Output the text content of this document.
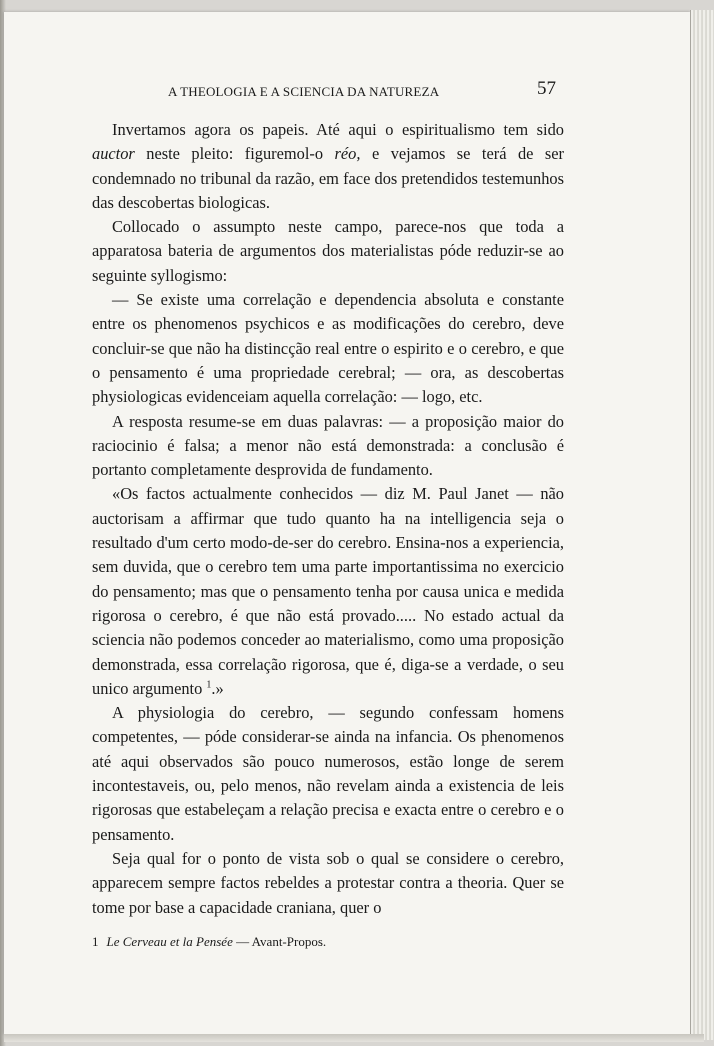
A THEOLOGIA E A SCIENCIA DA NATUREZA	57

Invertamos agora os papeis. Até aqui o espiritualismo tem sido auctor neste pleito: figuremol-o réo, e vejamos se terá de ser condemnado no tribunal da razão, em face dos pretendidos testemunhos das descobertas biologicas.

Collocado o assumpto neste campo, parece-nos que toda a apparatosa bateria de argumentos dos materialistas póde reduzir-se ao seguinte syllogismo:

— Se existe uma correlação e dependencia absoluta e constante entre os phenomenos psychicos e as modificações do cerebro, deve concluir-se que não ha distincção real entre o espirito e o cerebro, e que o pensamento é uma propriedade cerebral; — ora, as descobertas physiologicas evidenceiam aquella correlação: — logo, etc.

A resposta resume-se em duas palavras: — a proposição maior do raciocinio é falsa; a menor não está demonstrada: a conclusão é portanto completamente desprovida de fundamento.

«Os factos actualmente conhecidos — diz M. Paul Janet — não auctorisam a affirmar que tudo quanto ha na intelligencia seja o resultado d'um certo modo-de-ser do cerebro. Ensina-nos a experiencia, sem duvida, que o cerebro tem uma parte importantissima no exercicio do pensamento; mas que o pensamento tenha por causa unica e medida rigorosa o cerebro, é que não está provado..... No estado actual da sciencia não podemos conceder ao materialismo, como uma proposição demonstrada, essa correlação rigorosa, que é, diga-se a verdade, o seu unico argumento $^1$.»

A physiologia do cerebro, — segundo confessam homens competentes, — póde considerar-se ainda na infancia. Os phenomenos até aqui observados são pouco numerosos, estão longe de serem incontestaveis, ou, pelo menos, não revelam ainda a existencia de leis rigorosas que estabeleçam a relação precisa e exacta entre o cerebro e o pensamento.

Seja qual for o ponto de vista sob o qual se considere o cerebro, apparecem sempre factos rebeldes a protestar contra a theoria. Quer se tome por base a capacidade craniana, quer o

1 Le Cerveau et la Pensée — Avant-Propos.
